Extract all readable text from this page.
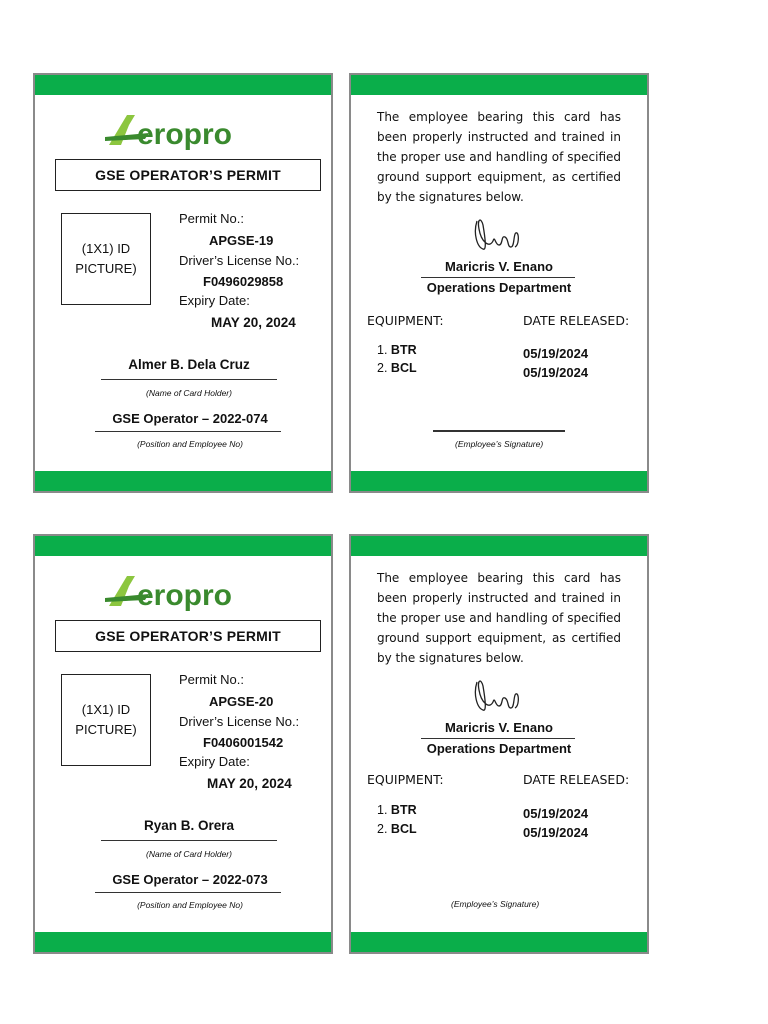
eropro
GSE OPERATOR’S PERMIT
(1X1) ID PICTURE)
Permit No.:
APGSE-19
Driver’s License No.:
F0496029858
Expiry Date:
MAY 20, 2024
Almer B. Dela Cruz
(Name of Card Holder)
GSE Operator – 2022-074
(Position and Employee No)
The employee bearing this card has been properly instructed and trained in the proper use and handling of specified ground support equipment, as certified by the signatures below.
Maricris V. Enano
Operations Department
EQUIPMENT:	DATE RELEASED:
1. BTR	05/19/2024
2. BCL	05/19/2024
(Employee’s Signature)
eropro
GSE OPERATOR’S PERMIT
(1X1) ID PICTURE)
Permit No.:
APGSE-20
Driver’s License No.:
F0406001542
Expiry Date:
MAY 20, 2024
Ryan B. Orera
(Name of Card Holder)
GSE Operator – 2022-073
(Position and Employee No)
The employee bearing this card has been properly instructed and trained in the proper use and handling of specified ground support equipment, as certified by the signatures below.
Maricris V. Enano
Operations Department
EQUIPMENT:	DATE RELEASED:
1. BTR	05/19/2024
2. BCL	05/19/2024
(Employee’s Signature)
